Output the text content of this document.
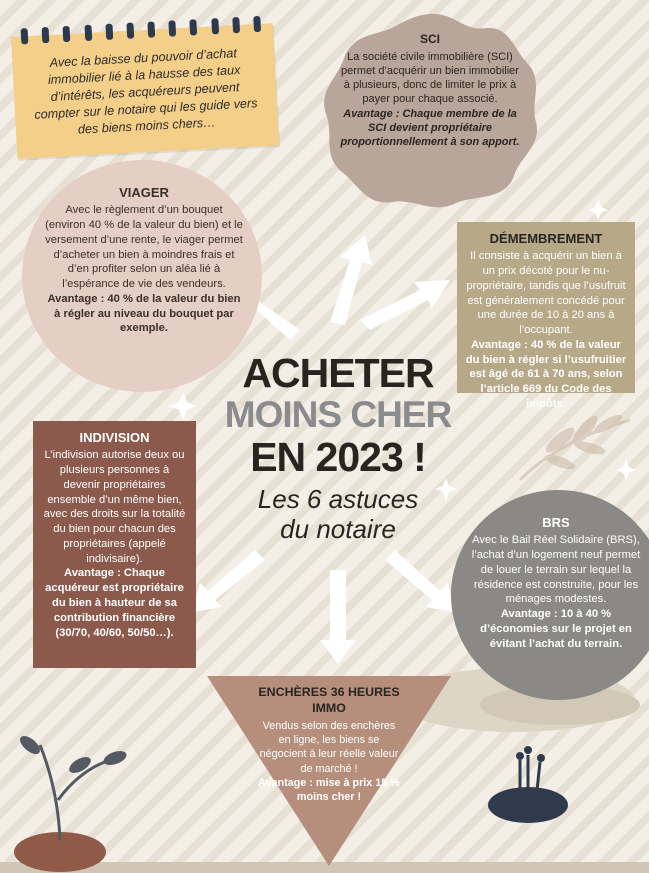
Avec la baisse du pouvoir d’achat immobilier lié à la hausse des taux d’intérêts, les acquéreurs peuvent compter sur le notaire qui les guide vers des biens moins chers…
SCI
La société civile immobilière (SCI) permet d’acquérir un bien immobilier à plusieurs, donc de limiter le prix à payer pour chaque associé.
Avantage : Chaque membre de la SCI devient propriétaire proportionnellement à son apport.
VIAGER
Avec le règlement d’un bouquet (environ 40 % de la valeur du bien) et le versement d’une rente, le viager permet d’acheter un bien à moindres frais et d’en profiter selon un aléa lié à l’espérance de vie des vendeurs.
Avantage : 40 % de la valeur du bien à régler au niveau du bouquet par exemple.
DÉMEMBREMENT
Il consiste à acquérir un bien à un prix décoté pour le nu-propriétaire, tandis que l’usufruit est généralement concédé pour une durée de 10 à 20 ans à l’occupant.
Avantage : 40 % de la valeur du bien à régler si l’usufruitier est âgé de 61 à 70 ans, selon l’article 669 du Code des impôts.
ACHETER
MOINS CHER
EN 2023 !
Les 6 astuces
du notaire
INDIVISION
L’indivision autorise deux ou plusieurs personnes à devenir propriétaires ensemble d’un même bien, avec des droits sur la totalité du bien pour chacun des propriétaires (appelé indivisaire).
Avantage : Chaque acquéreur est propriétaire du bien à hauteur de sa contribution financière (30/70, 40/60, 50/50…).
BRS
Avec le Bail Réel Solidaire (BRS), l’achat d’un logement neuf permet de louer le terrain sur lequel la résidence est construite, pour les ménages modestes.
Avantage : 10 à 40 % d’économies sur le projet en évitant l’achat du terrain.
ENCHÈRES 36 HEURES IMMO
Vendus selon des enchères en ligne, les biens se négocient à leur réelle valeur de marché !
Avantage : mise à prix 15 % moins cher !
